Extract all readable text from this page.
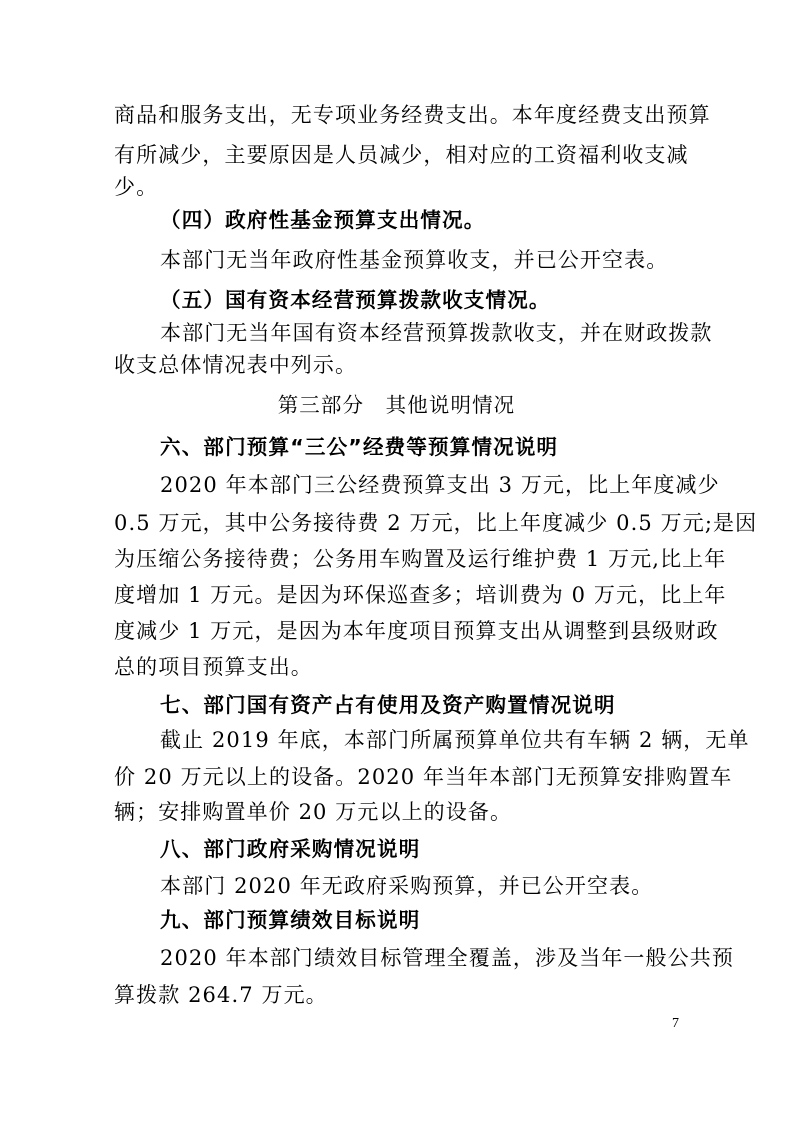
商品和服务支出，无专项业务经费支出。本年度经费支出预算
有所减少，主要原因是人员减少，相对应的工资福利收支减
少。
（四）政府性基金预算支出情况。
本部门无当年政府性基金预算收支，并已公开空表。
（五）国有资本经营预算拨款收支情况。
本部门无当年国有资本经营预算拨款收支，并在财政拨款
收支总体情况表中列示。
第三部分　其他说明情况
六、部门预算“三公”经费等预算情况说明
2020 年本部门三公经费预算支出 3 万元，比上年度减少
0.5 万元，其中公务接待费 2 万元，比上年度减少 0.5 万元;是因
为压缩公务接待费；公务用车购置及运行维护费 1 万元,比上年
度增加 1 万元。是因为环保巡查多；培训费为 0 万元，比上年
度减少 1 万元，是因为本年度项目预算支出从调整到县级财政
总的项目预算支出。
七、部门国有资产占有使用及资产购置情况说明
截止 2019 年底，本部门所属预算单位共有车辆 2 辆，无单
价 20 万元以上的设备。2020 年当年本部门无预算安排购置车
辆；安排购置单价 20 万元以上的设备。
八、部门政府采购情况说明
本部门 2020 年无政府采购预算，并已公开空表。
九、部门预算绩效目标说明
2020 年本部门绩效目标管理全覆盖，涉及当年一般公共预
算拨款 264.7 万元。
7
